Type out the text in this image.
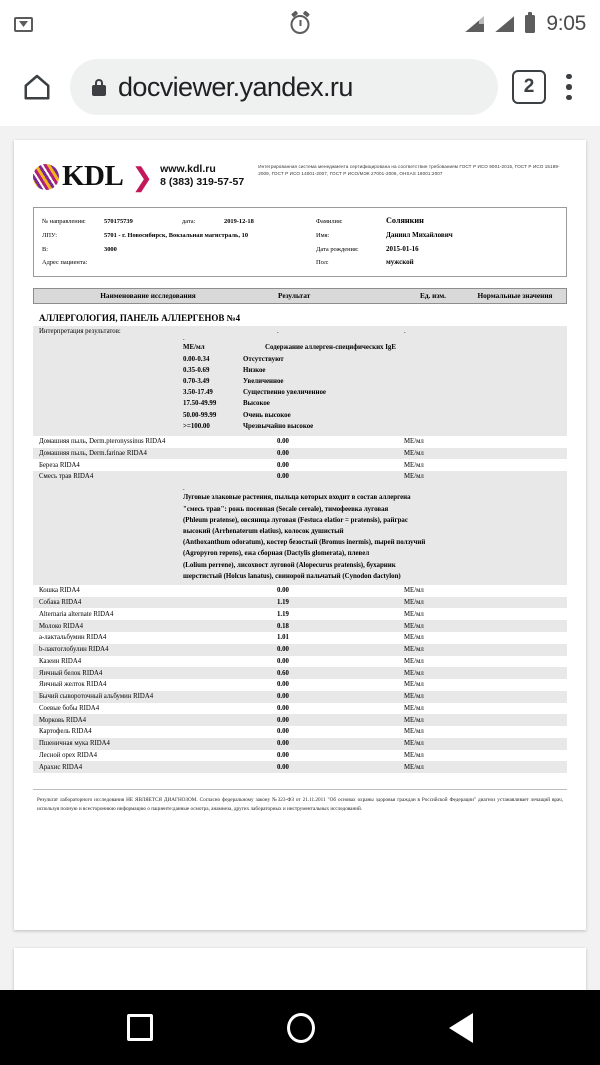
9:05
docviewer.yandex.ru	2
KDL ❯ www.kdl.ru
8 (383) 319-57-57
Интегрированная система менеджмента сертифицирована на соответствие требованиям ГОСТ Р ИСО 9001-2015, ГОСТ Р ИСО 15189-2009, ГОСТ Р ИСО 14001-2007, ГОСТ Р ИСО/МЭК 27001-2006, OHSAS 18001:2007
№ направления:	570175739	дата:	2019-12-18	Фамилия:	Солянкин
ЛПУ:	5701 - г. Новосибирск, Вокзальная магистраль, 10	Имя:	Даниил Михайлович
В:	3000	Дата рождения:	2015-01-16
Адрес пациента:	Пол:	мужской
Наименование исследования	Результат	Ед. изм.	Нормальные значения
АЛЛЕРГОЛОГИЯ, ПАНЕЛЬ АЛЛЕРГЕНОВ №4
Интерпретация результатов:	.	.
.
МЕ/мл	Содержание аллерген-специфических IgE
0.00-0.34	Отсутствуют
0.35-0.69	Низкое
0.70-3.49	Увеличенное
3.50-17.49	Существенно увеличенное
17.50-49.99	Высокое
50.00-99.99	Очень высокое
>=100.00	Чрезвычайно высокое
Домашняя пыль, Derm.pteronyssinus RIDA4	0.00	МЕ/мл
Домашняя пыль, Derm.farinae RIDA4	0.00	МЕ/мл
Береза RIDA4	0.00	МЕ/мл
Смесь трав RIDA4	0.00	МЕ/мл
.
Луговые злаковые растения, пыльца которых входит в состав аллергена
"смесь трав": рожь посевная (Secale cereale), тимофеевка луговая
(Phleum pratense), овсяница луговая (Festuca elatior = pratensis), райграс
высокий (Arrhenaterum elatius), колосок душистый
(Anthoxanthum odoratum), костер безостый (Bromus inermis), пырей ползучий
(Agropyron repens), ежа сборная (Dactylis glomerata), плевел
(Lolium perrene), лисохвост луговой (Alopecurus pratensis), бухарник
шерстистый (Holcus lanatus), свинорой пальчатый (Cynodon dactylon)
Кошка RIDA4	0.00	МЕ/мл
Собака RIDA4	1.19	МЕ/мл
Alternaria alternate RIDA4	1.19	МЕ/мл
Молоко RIDA4	0.18	МЕ/мл
a-лактальбумин RIDA4	1.01	МЕ/мл
b-лактоглобулин RIDA4	0.00	МЕ/мл
Казеин RIDA4	0.00	МЕ/мл
Яичный белок RIDA4	0.60	МЕ/мл
Яичный желток RIDA4	0.00	МЕ/мл
Бычий сывороточный альбумин RIDA4	0.00	МЕ/мл
Соевые бобы RIDA4	0.00	МЕ/мл
Морковь RIDA4	0.00	МЕ/мл
Картофель RIDA4	0.00	МЕ/мл
Пшеничная мука RIDA4	0.00	МЕ/мл
Лесной орех RIDA4	0.00	МЕ/мл
Арахис RIDA4	0.00	МЕ/мл
Результат лабораторного исследования НЕ ЯВЛЯЕТСЯ ДИАГНОЗОМ. Согласно федеральному закону №323-ФЗ от 21.11.2011 "Об основах охраны здоровья граждан в Российской Федерации" диагноз устанавливает лечащий врач, используя полную и всестороннюю информацию о пациенте:данные осмотра, анамнеза, других лабораторных и инструментальных исследований.
